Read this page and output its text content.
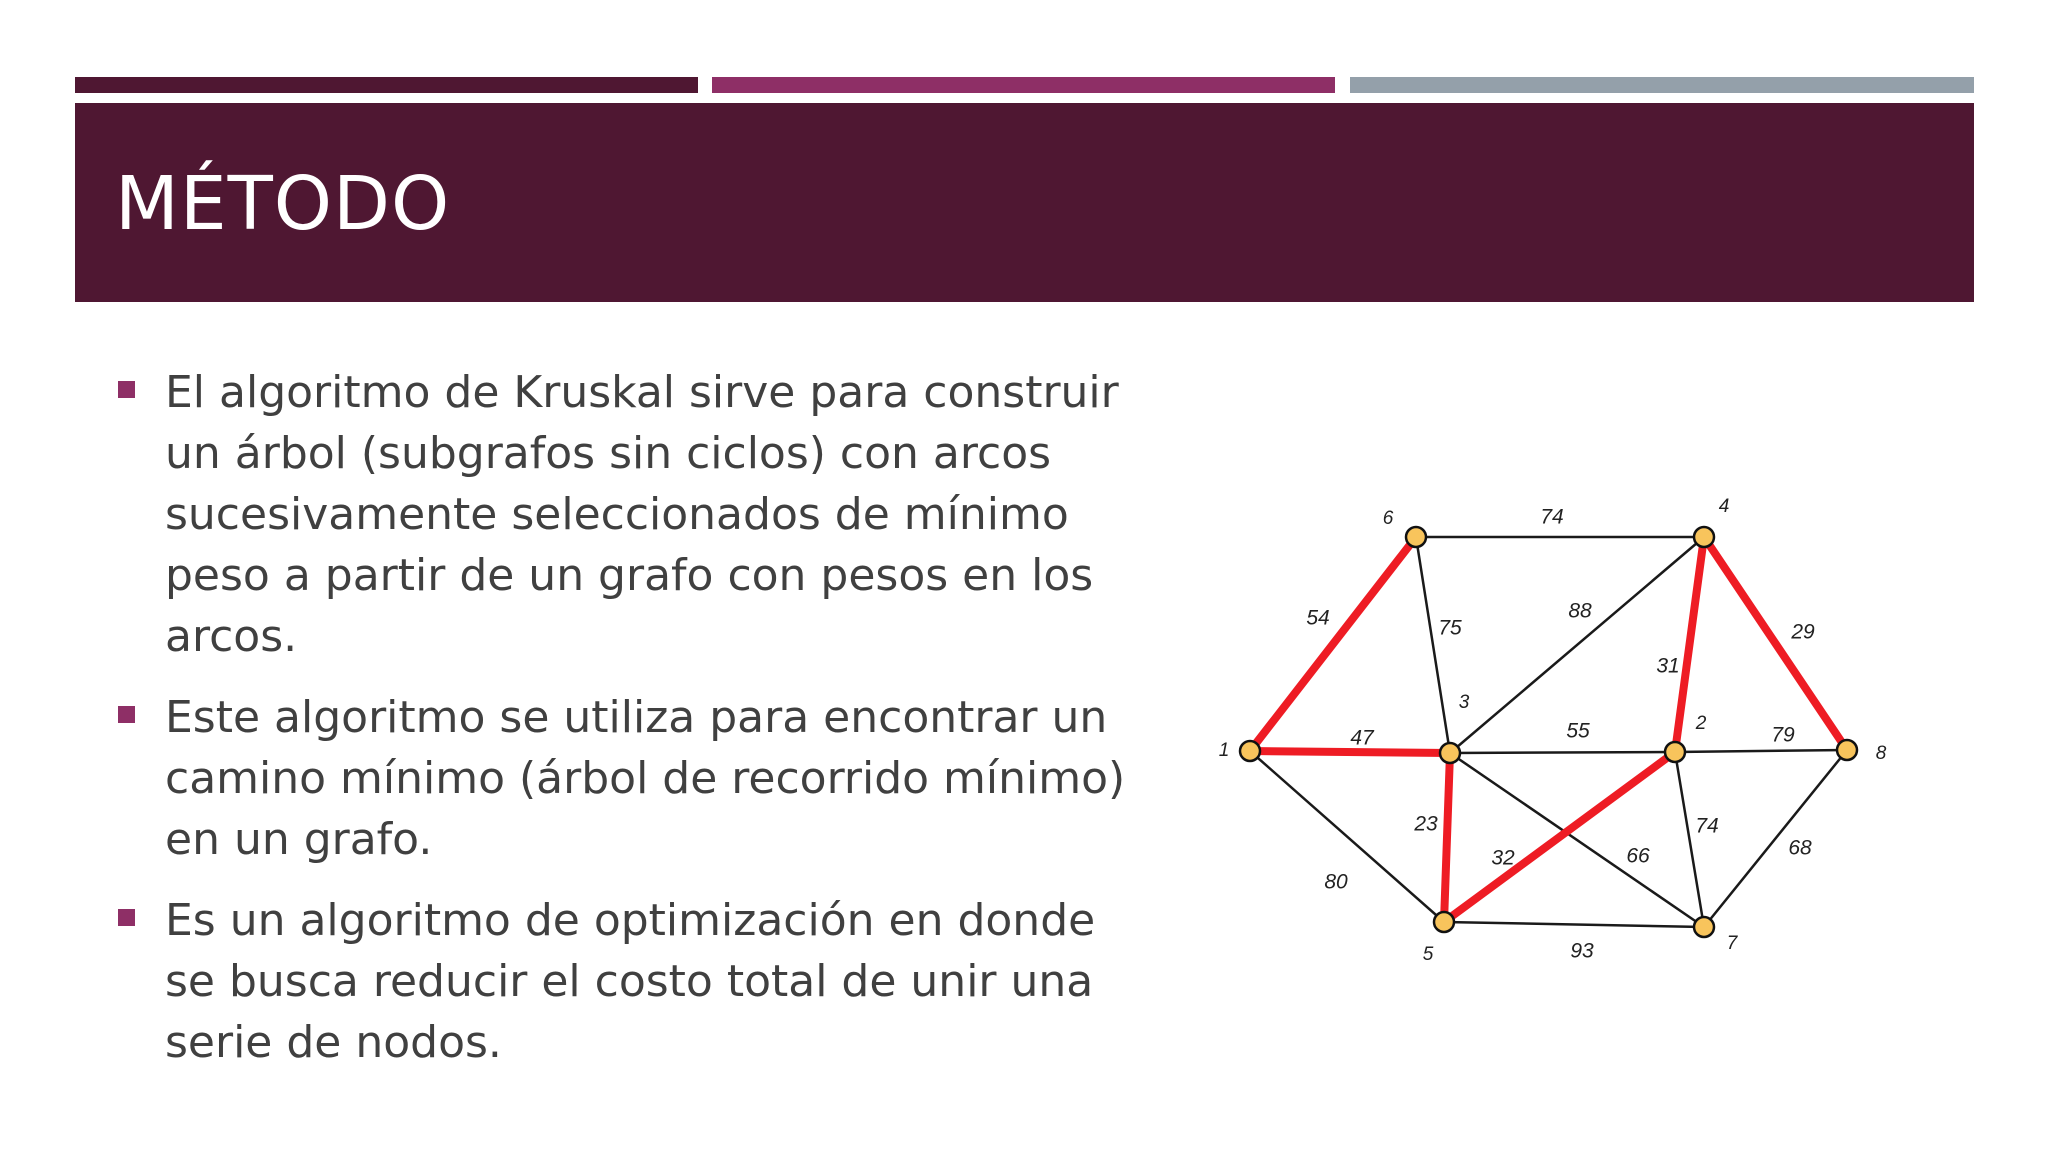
MÉTODO
El algoritmo de Kruskal sirve para construir un árbol (subgrafos sin ciclos) con arcos sucesivamente seleccionados de mínimo peso a partir de un grafo con pesos en los arcos.
Este algoritmo se utiliza para encontrar un camino mínimo (árbol de recorrido mínimo) en un grafo.
Es un algoritmo de optimización en donde se busca reducir el costo total de unir una serie de nodos.
74
54	75
88
31
29
47	55	79
80
23
32	66
74
68
93
1
2
3
4
5
6
7
8
